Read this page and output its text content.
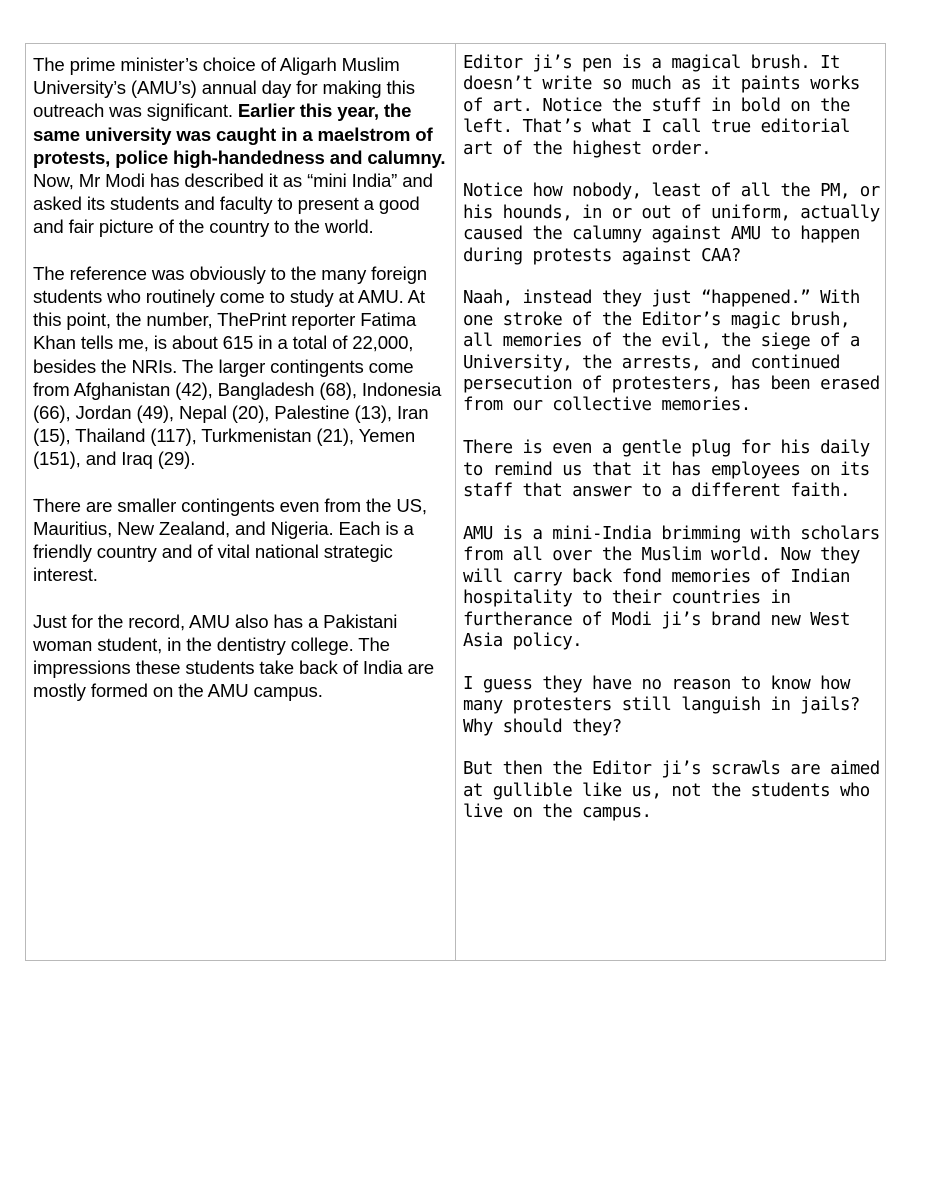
The prime minister’s choice of Aligarh Muslim University’s (AMU’s) annual day for making this outreach was significant. Earlier this year, the same university was caught in a maelstrom of protests, police high-handedness and calumny. Now, Mr Modi has described it as “mini India” and asked its students and faculty to present a good and fair picture of the country to the world.

The reference was obviously to the many foreign students who routinely come to study at AMU. At this point, the number, ThePrint reporter Fatima Khan tells me, is about 615 in a total of 22,000, besides the NRIs. The larger contingents come from Afghanistan (42), Bangladesh (68), Indonesia (66), Jordan (49), Nepal (20), Palestine (13), Iran (15), Thailand (117), Turkmenistan (21), Yemen (151), and Iraq (29).

There are smaller contingents even from the US, Mauritius, New Zealand, and Nigeria. Each is a friendly country and of vital national strategic interest.

Just for the record, AMU also has a Pakistani woman student, in the dentistry college. The impressions these students take back of India are mostly formed on the AMU campus.

Editor ji’s pen is a magical brush. It doesn’t write so much as it paints works of art. Notice the stuff in bold on the left. That’s what I call true editorial art of the highest order.

Notice how nobody, least of all the PM, or his hounds, in or out of uniform, actually caused the calumny against AMU to happen during protests against CAA?

Naah, instead they just “happened.” With one stroke of the Editor’s magic brush, all memories of the evil, the siege of a University, the arrests, and continued persecution of protesters, has been erased from our collective memories.

There is even a gentle plug for his daily to remind us that it has employees on its staff that answer to a different faith.

AMU is a mini-India brimming with scholars from all over the Muslim world. Now they will carry back fond memories of Indian hospitality to their countries in furtherance of Modi ji’s brand new West Asia policy.

I guess they have no reason to know how many protesters still languish in jails? Why should they?

But then the Editor ji’s scrawls are aimed at gullible like us, not the students who live on the campus.
